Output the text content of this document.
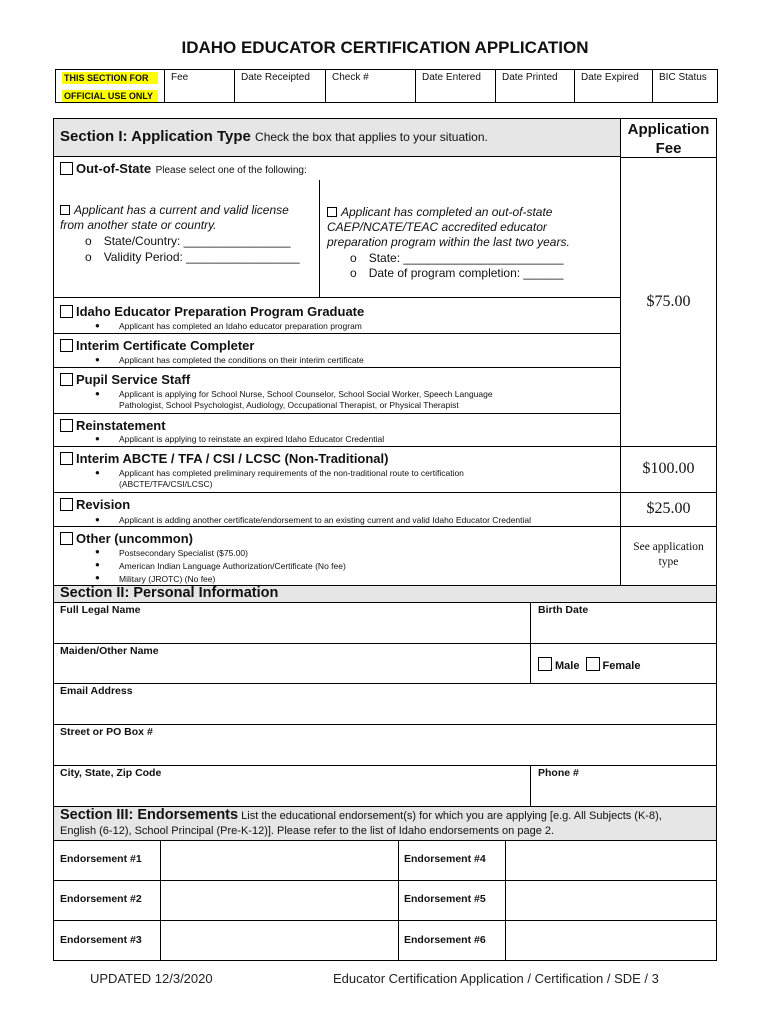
IDAHO EDUCATOR CERTIFICATION APPLICATION
THIS SECTION FOR
OFFICIAL USE ONLY
Fee	Date Receipted	Check #	Date Entered	Date Printed	Date Expired	BIC Status
Section I: Application Type Check the box that applies to your situation.	Application
Fee
Out-of-State Please select one of the following:
Applicant has a current and valid license
from another state or country.
o State/Country: ________________
o Validity Period: _________________
Applicant has completed an out-of-state
CAEP/NCATE/TEAC accredited educator
preparation program within the last two years.
o State: ________________________
o Date of program completion: ______
$75.00
Idaho Educator Preparation Program Graduate
● Applicant has completed an Idaho educator preparation program
Interim Certificate Completer
● Applicant has completed the conditions on their interim certificate
Pupil Service Staff
● Applicant is applying for School Nurse, School Counselor, School Social Worker, Speech Language
Pathologist, School Psychologist, Audiology, Occupational Therapist, or Physical Therapist
Reinstatement
● Applicant is applying to reinstate an expired Idaho Educator Credential
Interim ABCTE / TFA / CSI / LCSC (Non-Traditional)
● Applicant has completed preliminary requirements of the non-traditional route to certification
(ABCTE/TFA/CSI/LCSC)
$100.00
Revision
● Applicant is adding another certificate/endorsement to an existing current and valid Idaho Educator Credential
$25.00
Other (uncommon)
●
●
●
Postsecondary Specialist ($75.00)
American Indian Language Authorization/Certificate (No fee)
Military (JROTC) (No fee)
See application
type
Section II: Personal Information
Full Legal Name	Birth Date
Maiden/Other Name
Male Female
Email Address
Street or PO Box #
City, State, Zip Code	Phone #
Section III: Endorsements List the educational endorsement(s) for which you are applying [e.g. All Subjects (K-8),
English (6-12), School Principal (Pre-K-12)]. Please refer to the list of Idaho endorsements on page 2.
Endorsement #1	Endorsement #4
Endorsement #2	Endorsement #5
Endorsement #3	Endorsement #6
UPDATED 12/3/2020	Educator Certification Application / Certification / SDE / 3
